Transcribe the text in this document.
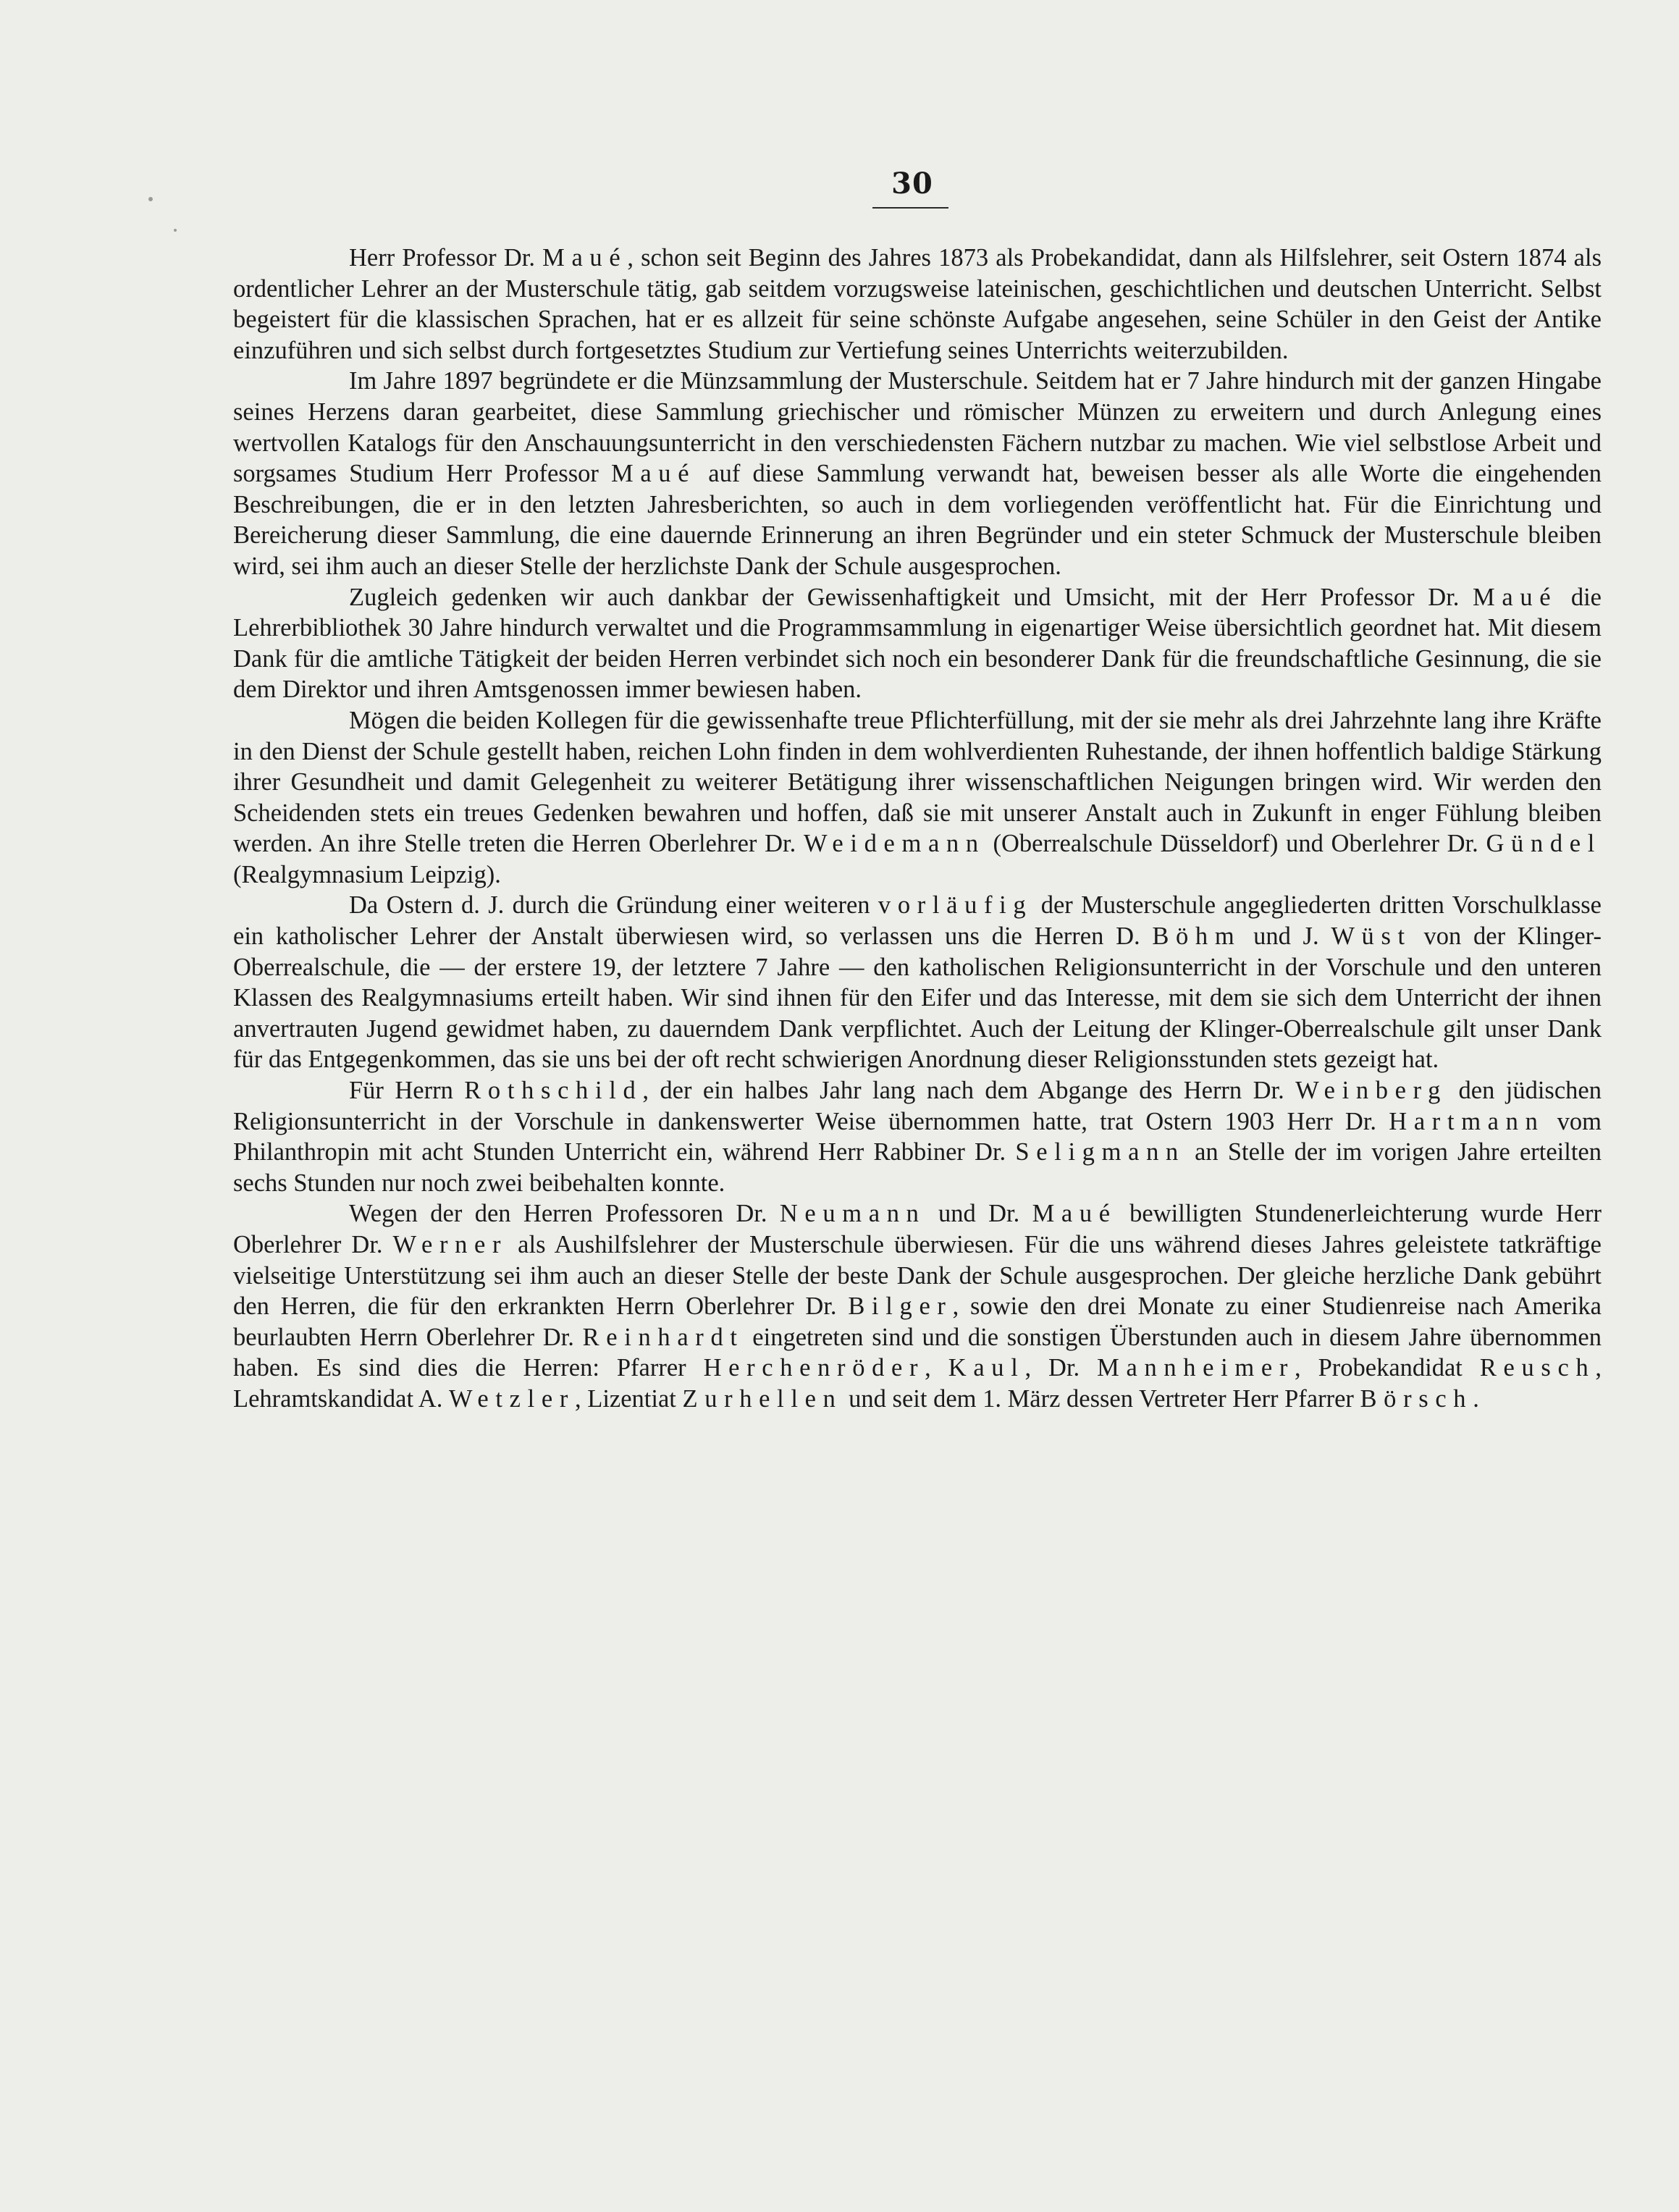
30

Herr Professor Dr. Maué, schon seit Beginn des Jahres 1873 als Probekandidat, dann als Hilfslehrer, seit Ostern 1874 als ordentlicher Lehrer an der Musterschule tätig, gab seitdem vorzugsweise lateinischen, geschichtlichen und deutschen Unterricht. Selbst begeistert für die klassischen Sprachen, hat er es allzeit für seine schönste Aufgabe angesehen, seine Schüler in den Geist der Antike einzuführen und sich selbst durch fortgesetztes Studium zur Vertiefung seines Unterrichts weiterzubilden.

Im Jahre 1897 begründete er die Münzsammlung der Musterschule. Seitdem hat er 7 Jahre hindurch mit der ganzen Hingabe seines Herzens daran gearbeitet, diese Sammlung griechischer und römischer Münzen zu erweitern und durch Anlegung eines wertvollen Katalogs für den Anschauungsunterricht in den verschiedensten Fächern nutzbar zu machen. Wie viel selbstlose Arbeit und sorgsames Studium Herr Professor Maué auf diese Sammlung verwandt hat, beweisen besser als alle Worte die eingehenden Beschreibungen, die er in den letzten Jahresberichten, so auch in dem vorliegenden veröffentlicht hat. Für die Einrichtung und Bereicherung dieser Sammlung, die eine dauernde Erinnerung an ihren Begründer und ein steter Schmuck der Musterschule bleiben wird, sei ihm auch an dieser Stelle der herzlichste Dank der Schule ausgesprochen.

Zugleich gedenken wir auch dankbar der Gewissenhaftigkeit und Umsicht, mit der Herr Professor Dr. Maué die Lehrerbibliothek 30 Jahre hindurch verwaltet und die Programmsammlung in eigenartiger Weise übersichtlich geordnet hat. Mit diesem Dank für die amtliche Tätigkeit der beiden Herren verbindet sich noch ein besonderer Dank für die freundschaftliche Gesinnung, die sie dem Direktor und ihren Amtsgenossen immer bewiesen haben.

Mögen die beiden Kollegen für die gewissenhafte treue Pflichterfüllung, mit der sie mehr als drei Jahrzehnte lang ihre Kräfte in den Dienst der Schule gestellt haben, reichen Lohn finden in dem wohlverdienten Ruhestande, der ihnen hoffentlich baldige Stärkung ihrer Gesundheit und damit Gelegenheit zu weiterer Betätigung ihrer wissenschaftlichen Neigungen bringen wird. Wir werden den Scheidenden stets ein treues Gedenken bewahren und hoffen, daß sie mit unserer Anstalt auch in Zukunft in enger Fühlung bleiben werden. An ihre Stelle treten die Herren Oberlehrer Dr. Weidemann (Oberrealschule Düsseldorf) und Oberlehrer Dr. Gündel (Realgymnasium Leipzig).

Da Ostern d. J. durch die Gründung einer weiteren vorläufig der Musterschule angegliederten dritten Vorschulklasse ein katholischer Lehrer der Anstalt überwiesen wird, so verlassen uns die Herren D. Böhm und J. Wüst von der Klinger-Oberrealschule, die — der erstere 19, der letztere 7 Jahre — den katholischen Religionsunterricht in der Vorschule und den unteren Klassen des Realgymnasiums erteilt haben. Wir sind ihnen für den Eifer und das Interesse, mit dem sie sich dem Unterricht der ihnen anvertrauten Jugend gewidmet haben, zu dauerndem Dank verpflichtet. Auch der Leitung der Klinger-Oberrealschule gilt unser Dank für das Entgegenkommen, das sie uns bei der oft recht schwierigen Anordnung dieser Religionsstunden stets gezeigt hat.

Für Herrn Rothschild, der ein halbes Jahr lang nach dem Abgange des Herrn Dr. Weinberg den jüdischen Religionsunterricht in der Vorschule in dankenswerter Weise übernommen hatte, trat Ostern 1903 Herr Dr. Hartmann vom Philanthropin mit acht Stunden Unterricht ein, während Herr Rabbiner Dr. Seligmann an Stelle der im vorigen Jahre erteilten sechs Stunden nur noch zwei beibehalten konnte.

Wegen der den Herren Professoren Dr. Neumann und Dr. Maué bewilligten Stundenerleichterung wurde Herr Oberlehrer Dr. Werner als Aushilfslehrer der Musterschule überwiesen. Für die uns während dieses Jahres geleistete tatkräftige vielseitige Unterstützung sei ihm auch an dieser Stelle der beste Dank der Schule ausgesprochen. Der gleiche herzliche Dank gebührt den Herren, die für den erkrankten Herrn Oberlehrer Dr. Bilger, sowie den drei Monate zu einer Studienreise nach Amerika beurlaubten Herrn Oberlehrer Dr. Reinhardt eingetreten sind und die sonstigen Überstunden auch in diesem Jahre übernommen haben. Es sind dies die Herren: Pfarrer Herchenröder, Kaul, Dr. Mannheimer, Probekandidat Reusch, Lehramtskandidat A. Wetzler, Lizentiat Zurhellen und seit dem 1. März dessen Vertreter Herr Pfarrer Börsch.
